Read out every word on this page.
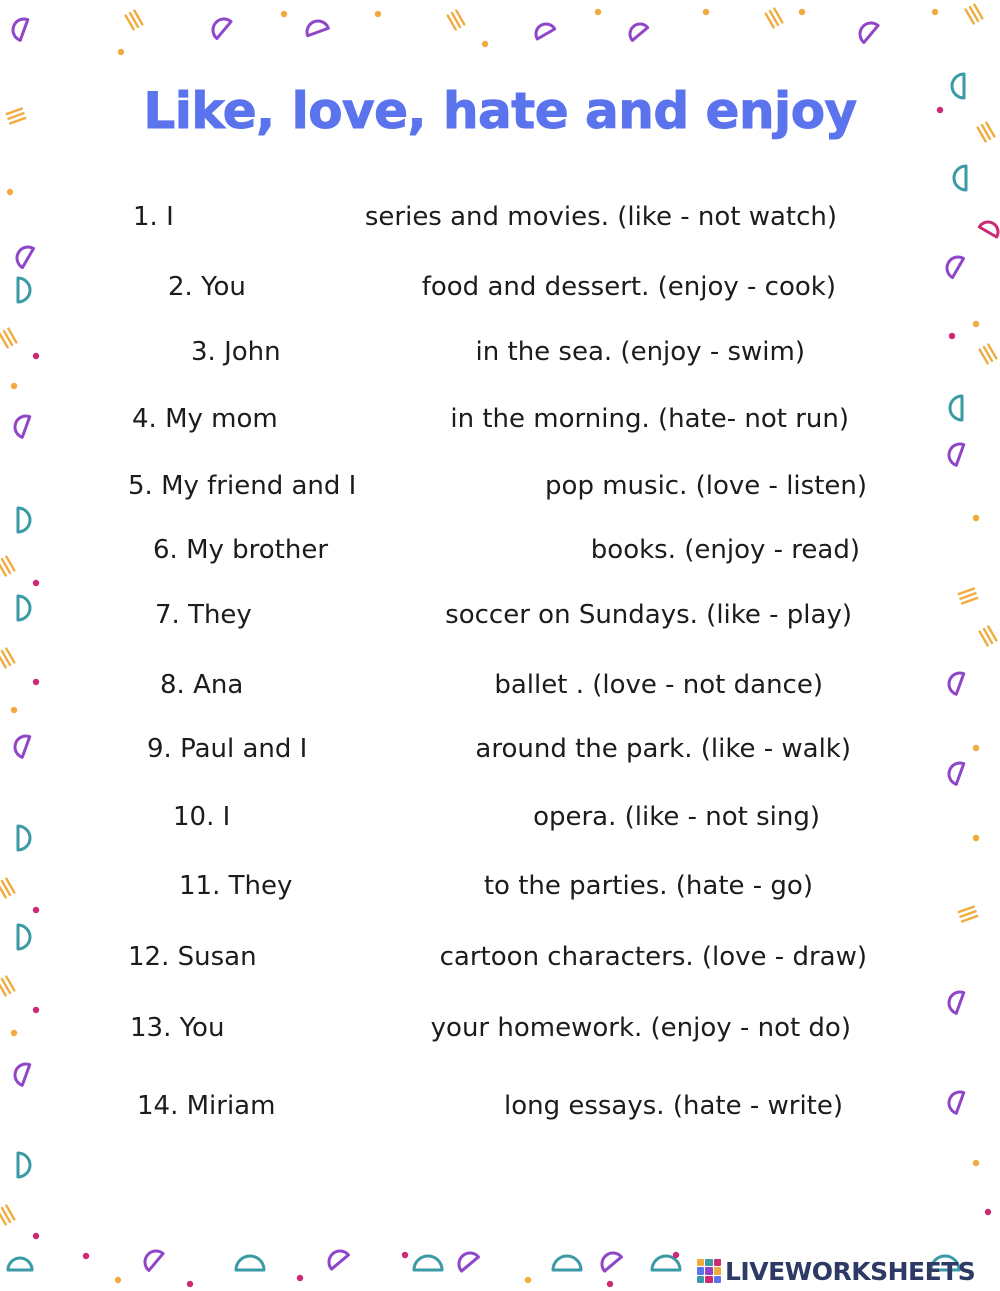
Like, love, hate and enjoy
1. I	series and movies. (like - not watch)
2. You	food and dessert. (enjoy - cook)
3. John	in the sea. (enjoy - swim)
4. My mom	in the morning. (hate- not run)
5. My friend and I	pop music. (love - listen)
6. My brother	books. (enjoy - read)
7. They	soccer on Sundays. (like - play)
8. Ana	ballet . (love - not dance)
9. Paul and I	around the park. (like - walk)
10. I	opera. (like - not sing)
11. They	to the parties. (hate - go)
12. Susan	cartoon characters. (love - draw)
13. You	your homework. (enjoy - not do)
14. Miriam	long essays. (hate - write)
LIVEWORKSHEETS
